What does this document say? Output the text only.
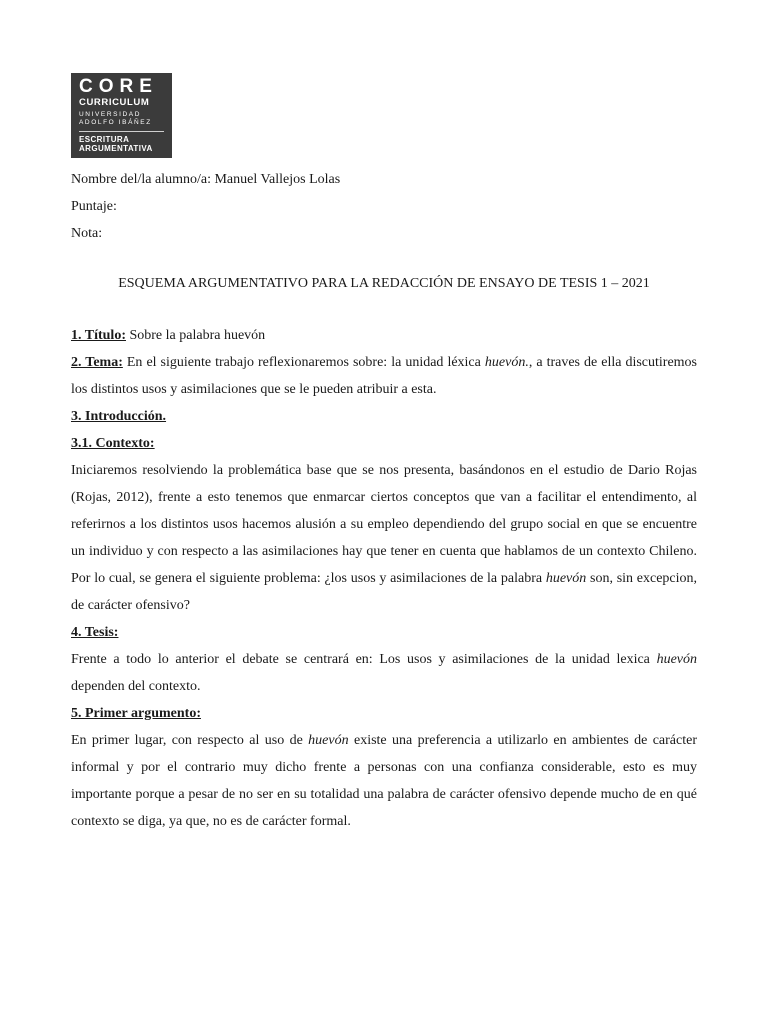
CORE
CURRICULUM
UNIVERSIDAD
ADOLFO IBÁÑEZ
ESCRITURA
ARGUMENTATIVA
Nombre del/la alumno/a: Manuel Vallejos Lolas
Puntaje:
Nota:
ESQUEMA ARGUMENTATIVO PARA LA REDACCIÓN DE ENSAYO DE TESIS 1 – 2021

1. Título: Sobre la palabra huevón

2. Tema: En el siguiente trabajo reflexionaremos sobre: la unidad léxica huevón., a traves de ella discutiremos los distintos usos y asimilaciones que se le pueden atribuir a esta.

3. Introducción.

3.1. Contexto:

Iniciaremos resolviendo la problemática base que se nos presenta, basándonos en el estudio de Dario Rojas (Rojas, 2012), frente a esto tenemos que enmarcar ciertos conceptos que van a facilitar el entendimento, al referirnos a los distintos usos hacemos alusión a su empleo dependiendo del grupo social en que se encuentre un individuo y con respecto a las asimilaciones hay que tener en cuenta que hablamos de un contexto Chileno. Por lo cual, se genera el siguiente problema: ¿los usos y asimilaciones de la palabra huevón son, sin excepcion, de carácter ofensivo?

4. Tesis:

Frente a todo lo anterior el debate se centrará en: Los usos y asimilaciones de la unidad lexica huevón dependen del contexto.

5. Primer argumento:

En primer lugar, con respecto al uso de huevón existe una preferencia a utilizarlo en ambientes de carácter informal y por el contrario muy dicho frente a personas con una confianza considerable, esto es muy importante porque a pesar de no ser en su totalidad una palabra de carácter ofensivo depende mucho de en qué contexto se diga, ya que, no es de carácter formal.
